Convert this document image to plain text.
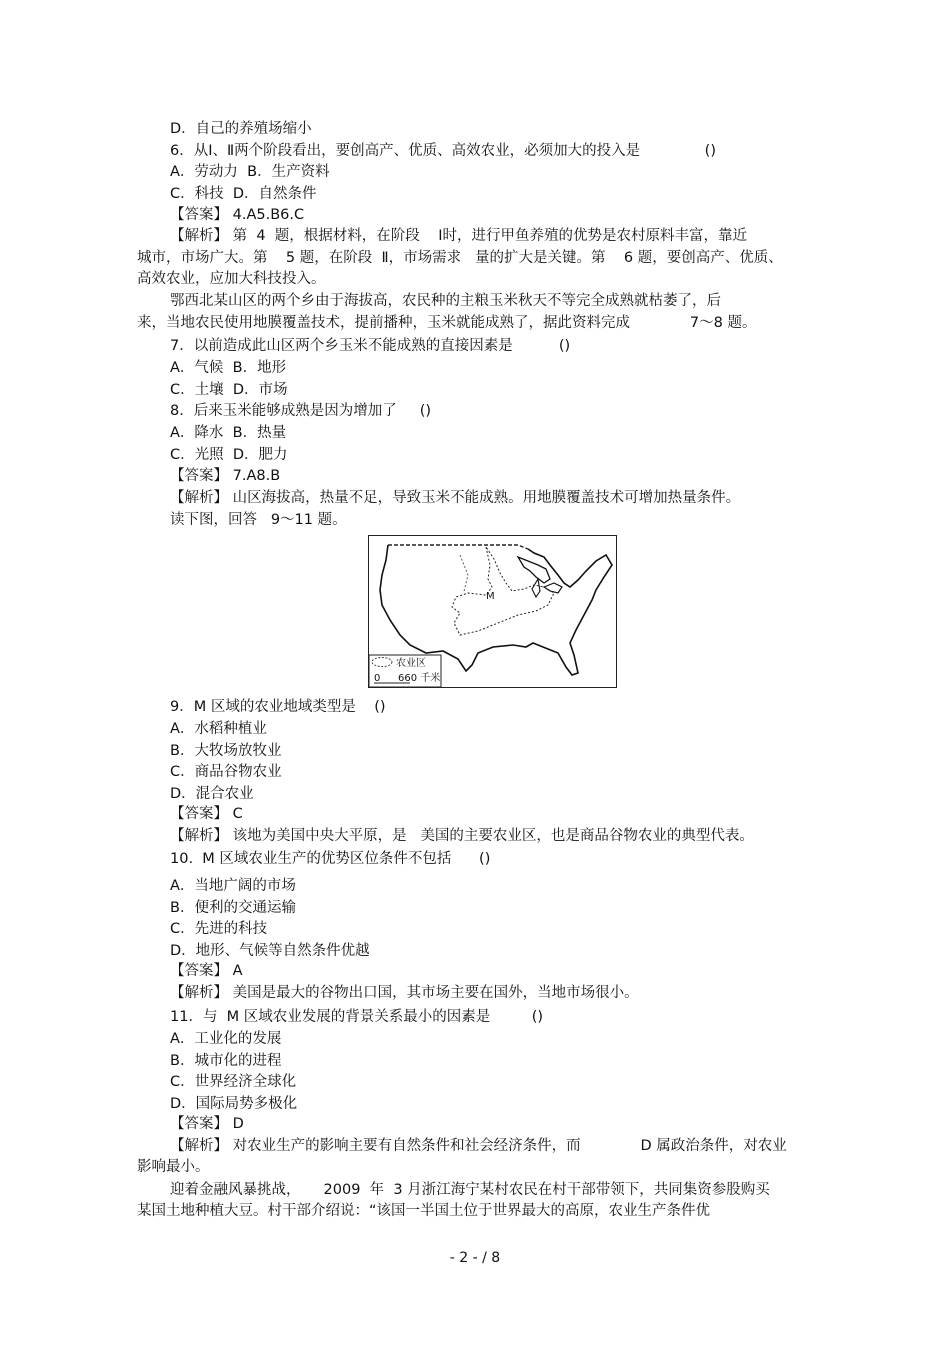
D．自己的养殖场缩小
6．从Ⅰ、Ⅱ两个阶段看出，要创高产、优质、高效农业，必须加大的投入是              ()
A．劳动力  B．生产资料
C．科技  D．自然条件
【答案】 4.A5.B6.C
【解析】 第  4  题，根据材料，在阶段    Ⅰ时，进行甲鱼养殖的优势是农村原料丰富，靠近
城市，市场广大。第    5 题，在阶段  Ⅱ，市场需求   量的扩大是关键。第    6 题，要创高产、优质、
高效农业，应加大科技投入。
鄂西北某山区的两个乡由于海拔高，农民种的主粮玉米秋天不等完全成熟就枯萎了，后
来，当地农民使用地膜覆盖技术，提前播种，玉米就能成熟了，据此资料完成             7～8 题。
7．以前造成此山区两个乡玉米不能成熟的直接因素是          ()
A．气候  B．地形
C．土壤  D．市场
8．后来玉米能够成熟是因为增加了     ()
A．降水  B．热量
C．光照  D．肥力
【答案】 7.A8.B
【解析】 山区海拔高，热量不足，导致玉米不能成熟。用地膜覆盖技术可增加热量条件。
读下图，回答   9～11 题。
M
农业区
0 660 千米
9．M 区域的农业地域类型是    ()
A．水稻种植业
B．大牧场放牧业
C．商品谷物农业
D．混合农业
【答案】 C
【解析】 该地为美国中央大平原，是   美国的主要农业区，也是商品谷物农业的典型代表。
10.  M 区域农业生产的优势区位条件不包括      ()
A．当地广阔的市场
B．便利的交通运输
C．先进的科技
D．地形、气候等自然条件优越
【答案】 A
【解析】 美国是最大的谷物出口国，其市场主要在国外，当地市场很小。
11．与  M 区域农业发展的背景关系最小的因素是         ()
A．工业化的发展
B．城市化的进程
C．世界经济全球化
D．国际局势多极化
【答案】 D
【解析】 对农业生产的影响主要有自然条件和社会经济条件，而             D 属政治条件，对农业
影响最小。
迎着金融风暴挑战，     2009  年  3 月浙江海宁某村农民在村干部带领下，共同集资参股购买
某国土地种植大豆。村干部介绍说：“该国一半国土位于世界最大的高原，农业生产条件优
- 2 - / 8
